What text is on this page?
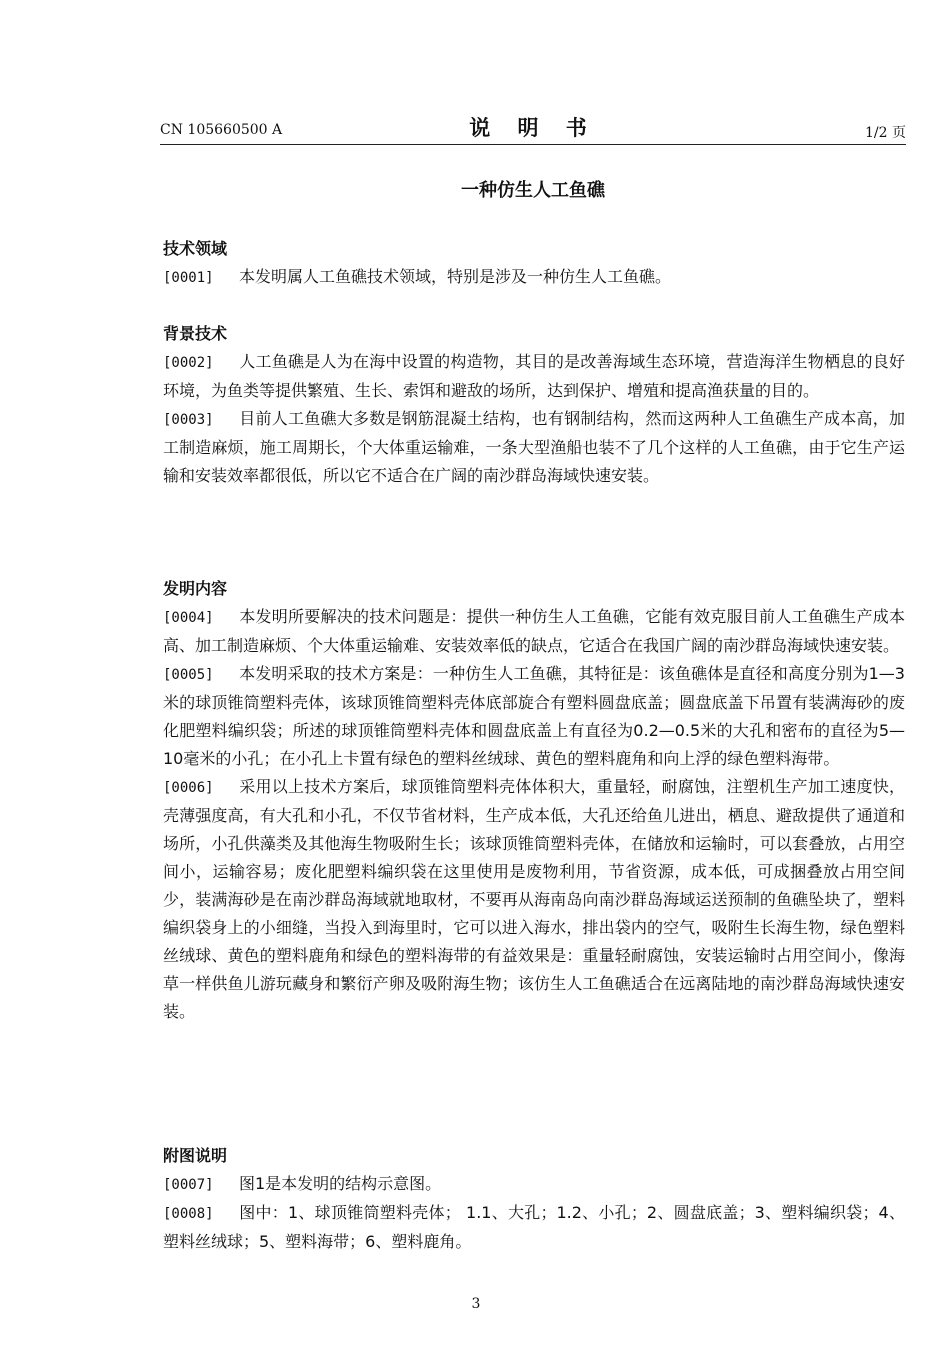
CN 105660500 A	说 明 书	1/2 页
一种仿生人工鱼礁
技术领域

[0001] 本发明属人工鱼礁技术领域，特别是涉及一种仿生人工鱼礁。

背景技术

[0002] 人工鱼礁是人为在海中设置的构造物，其目的是改善海域生态环境，营造海洋生物栖息的良好环境，为鱼类等提供繁殖、生长、索饵和避敌的场所，达到保护、增殖和提高渔获量的目的。

[0003] 目前人工鱼礁大多数是钢筋混凝土结构，也有钢制结构，然而这两种人工鱼礁生产成本高，加工制造麻烦，施工周期长，个大体重运输难，一条大型渔船也装不了几个这样的人工鱼礁，由于它生产运输和安装效率都很低，所以它不适合在广阔的南沙群岛海域快速安装。

发明内容

[0004] 本发明所要解决的技术问题是：提供一种仿生人工鱼礁，它能有效克服目前人工鱼礁生产成本高、加工制造麻烦、个大体重运输难、安装效率低的缺点，它适合在我国广阔的南沙群岛海域快速安装。

[0005] 本发明采取的技术方案是：一种仿生人工鱼礁，其特征是：该鱼礁体是直径和高度分别为1—3米的球顶锥筒塑料壳体，该球顶锥筒塑料壳体底部旋合有塑料圆盘底盖；圆盘底盖下吊置有装满海砂的废化肥塑料编织袋；所述的球顶锥筒塑料壳体和圆盘底盖上有直径为0.2—0.5米的大孔和密布的直径为5—10毫米的小孔；在小孔上卡置有绿色的塑料丝绒球、黄色的塑料鹿角和向上浮的绿色塑料海带。

[0006] 采用以上技术方案后，球顶锥筒塑料壳体体积大，重量轻，耐腐蚀，注塑机生产加工速度快，壳薄强度高，有大孔和小孔，不仅节省材料，生产成本低，大孔还给鱼儿进出，栖息、避敌提供了通道和场所，小孔供藻类及其他海生物吸附生长；该球顶锥筒塑料壳体，在储放和运输时，可以套叠放，占用空间小，运输容易；废化肥塑料编织袋在这里使用是废物利用，节省资源，成本低，可成捆叠放占用空间少，装满海砂是在南沙群岛海域就地取材，不要再从海南岛向南沙群岛海域运送预制的鱼礁坠块了，塑料编织袋身上的小细缝，当投入到海里时，它可以进入海水，排出袋内的空气，吸附生长海生物，绿色塑料丝绒球、黄色的塑料鹿角和绿色的塑料海带的有益效果是：重量轻耐腐蚀，安装运输时占用空间小，像海草一样供鱼儿游玩藏身和繁衍产卵及吸附海生物；该仿生人工鱼礁适合在远离陆地的南沙群岛海域快速安装。

附图说明

[0007] 图1是本发明的结构示意图。

[0008] 图中：1、球顶锥筒塑料壳体； 1.1、大孔；1.2、小孔；2、圆盘底盖；3、塑料编织袋；4、塑料丝绒球；5、塑料海带；6、塑料鹿角。

3
